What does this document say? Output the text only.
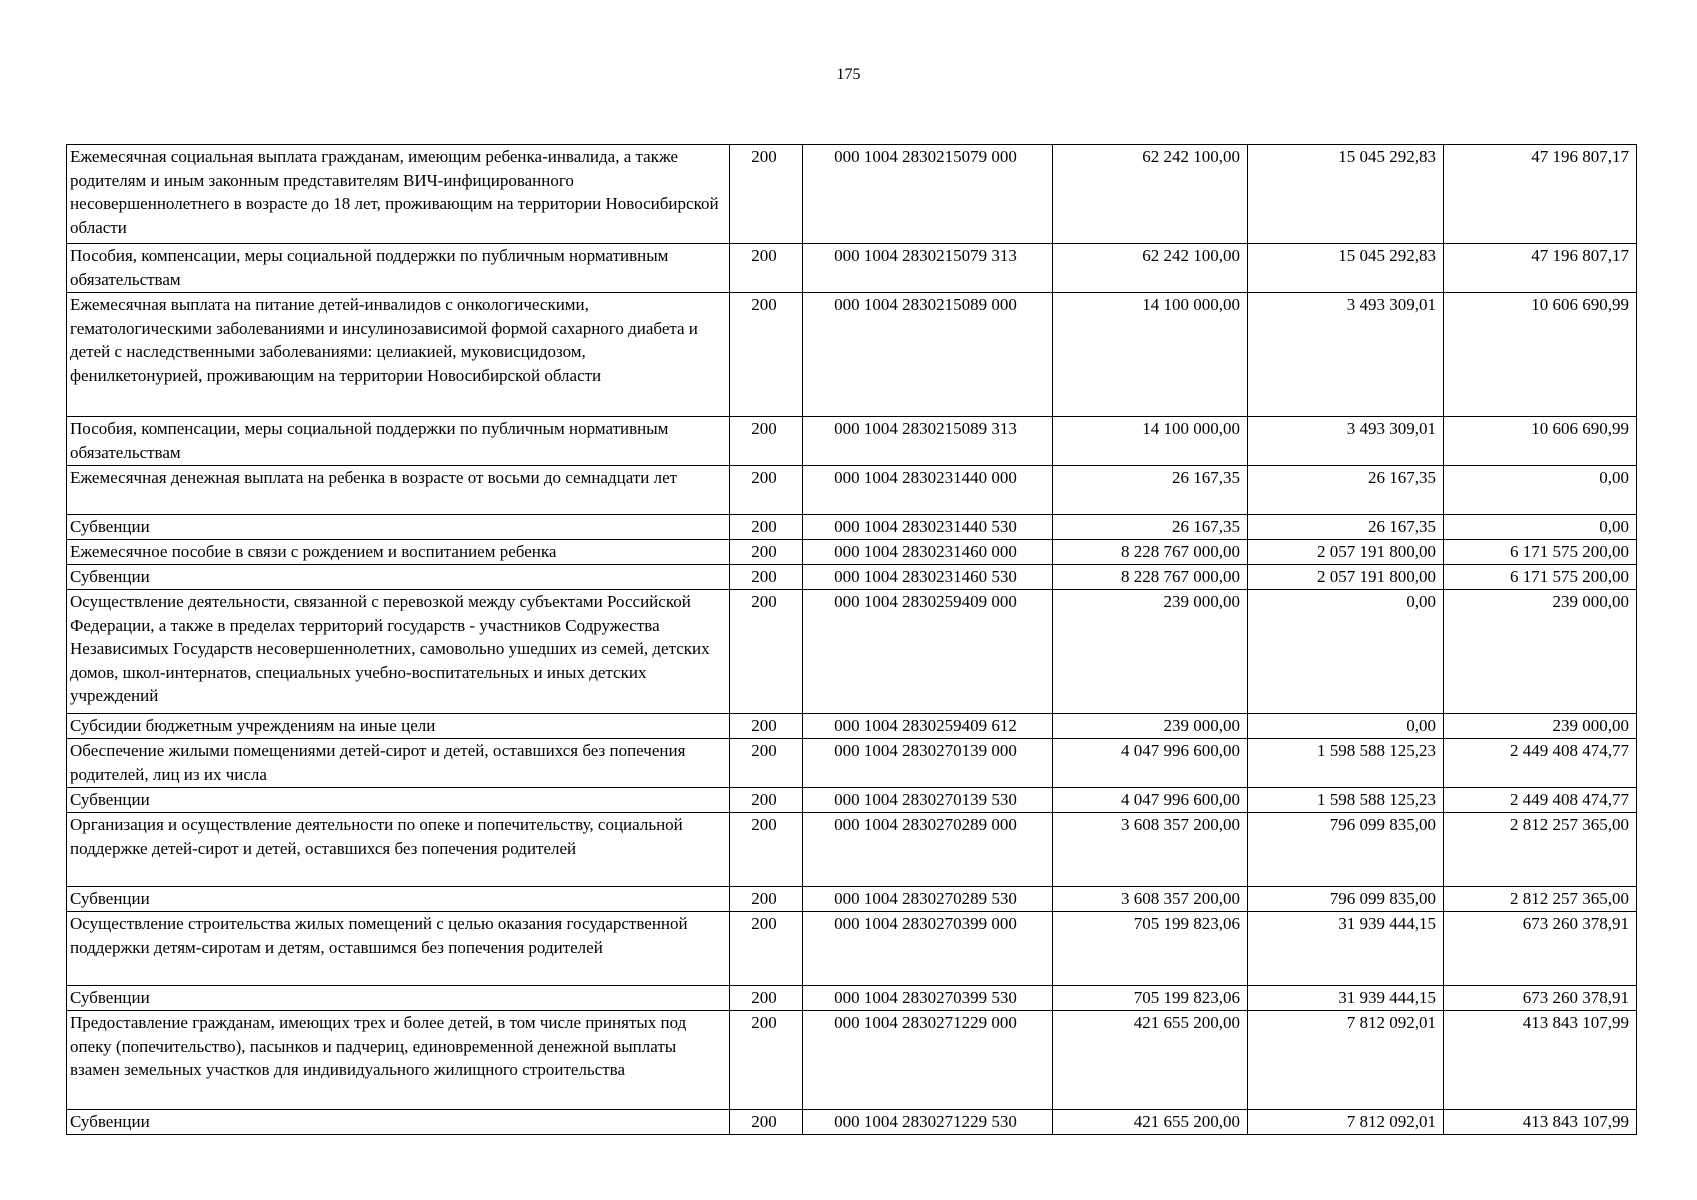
175
Ежемесячная социальная выплата гражданам, имеющим ребенка-инвалида, а также родителям и иным законным представителям ВИЧ-инфицированного несовершеннолетнего в возрасте до 18 лет, проживающим на территории Новосибирской области	200	000 1004 2830215079 000	62 242 100,00	15 045 292,83	47 196 807,17
Пособия, компенсации, меры социальной поддержки по публичным нормативным обязательствам	200	000 1004 2830215079 313	62 242 100,00	15 045 292,83	47 196 807,17
Ежемесячная выплата на питание детей-инвалидов с онкологическими, гематологическими заболеваниями и инсулинозависимой формой сахарного диабета и детей с наследственными заболеваниями: целиакией, муковисцидозом, фенилкетонурией, проживающим на территории Новосибирской области	200	000 1004 2830215089 000	14 100 000,00	3 493 309,01	10 606 690,99
Пособия, компенсации, меры социальной поддержки по публичным нормативным обязательствам	200	000 1004 2830215089 313	14 100 000,00	3 493 309,01	10 606 690,99
Ежемесячная денежная выплата на ребенка в возрасте от восьми до семнадцати лет	200	000 1004 2830231440 000	26 167,35	26 167,35	0,00
Субвенции	200	000 1004 2830231440 530	26 167,35	26 167,35	0,00
Ежемесячное пособие в связи с рождением и воспитанием ребенка	200	000 1004 2830231460 000	8 228 767 000,00	2 057 191 800,00	6 171 575 200,00
Субвенции	200	000 1004 2830231460 530	8 228 767 000,00	2 057 191 800,00	6 171 575 200,00
Осуществление деятельности, связанной с перевозкой между субъектами Российской Федерации, а также в пределах территорий государств - участников Содружества Независимых Государств несовершеннолетних, самовольно ушедших из семей, детских домов, школ-интернатов, специальных учебно-воспитательных и иных детских учреждений	200	000 1004 2830259409 000	239 000,00	0,00	239 000,00
Субсидии бюджетным учреждениям на иные цели	200	000 1004 2830259409 612	239 000,00	0,00	239 000,00
Обеспечение жилыми помещениями детей-сирот и детей, оставшихся без попечения родителей, лиц из их числа	200	000 1004 2830270139 000	4 047 996 600,00	1 598 588 125,23	2 449 408 474,77
Субвенции	200	000 1004 2830270139 530	4 047 996 600,00	1 598 588 125,23	2 449 408 474,77
Организация и осуществление деятельности по опеке и попечительству, социальной поддержке детей-сирот и детей, оставшихся без попечения родителей	200	000 1004 2830270289 000	3 608 357 200,00	796 099 835,00	2 812 257 365,00
Субвенции	200	000 1004 2830270289 530	3 608 357 200,00	796 099 835,00	2 812 257 365,00
Осуществление строительства жилых помещений с целью оказания государственной поддержки детям-сиротам и детям, оставшимся без попечения родителей	200	000 1004 2830270399 000	705 199 823,06	31 939 444,15	673 260 378,91
Субвенции	200	000 1004 2830270399 530	705 199 823,06	31 939 444,15	673 260 378,91
Предоставление гражданам, имеющих трех и более детей, в том числе принятых под опеку (попечительство), пасынков и падчериц, единовременной денежной выплаты взамен земельных участков для индивидуального жилищного строительства	200	000 1004 2830271229 000	421 655 200,00	7 812 092,01	413 843 107,99
Субвенции	200	000 1004 2830271229 530	421 655 200,00	7 812 092,01	413 843 107,99
